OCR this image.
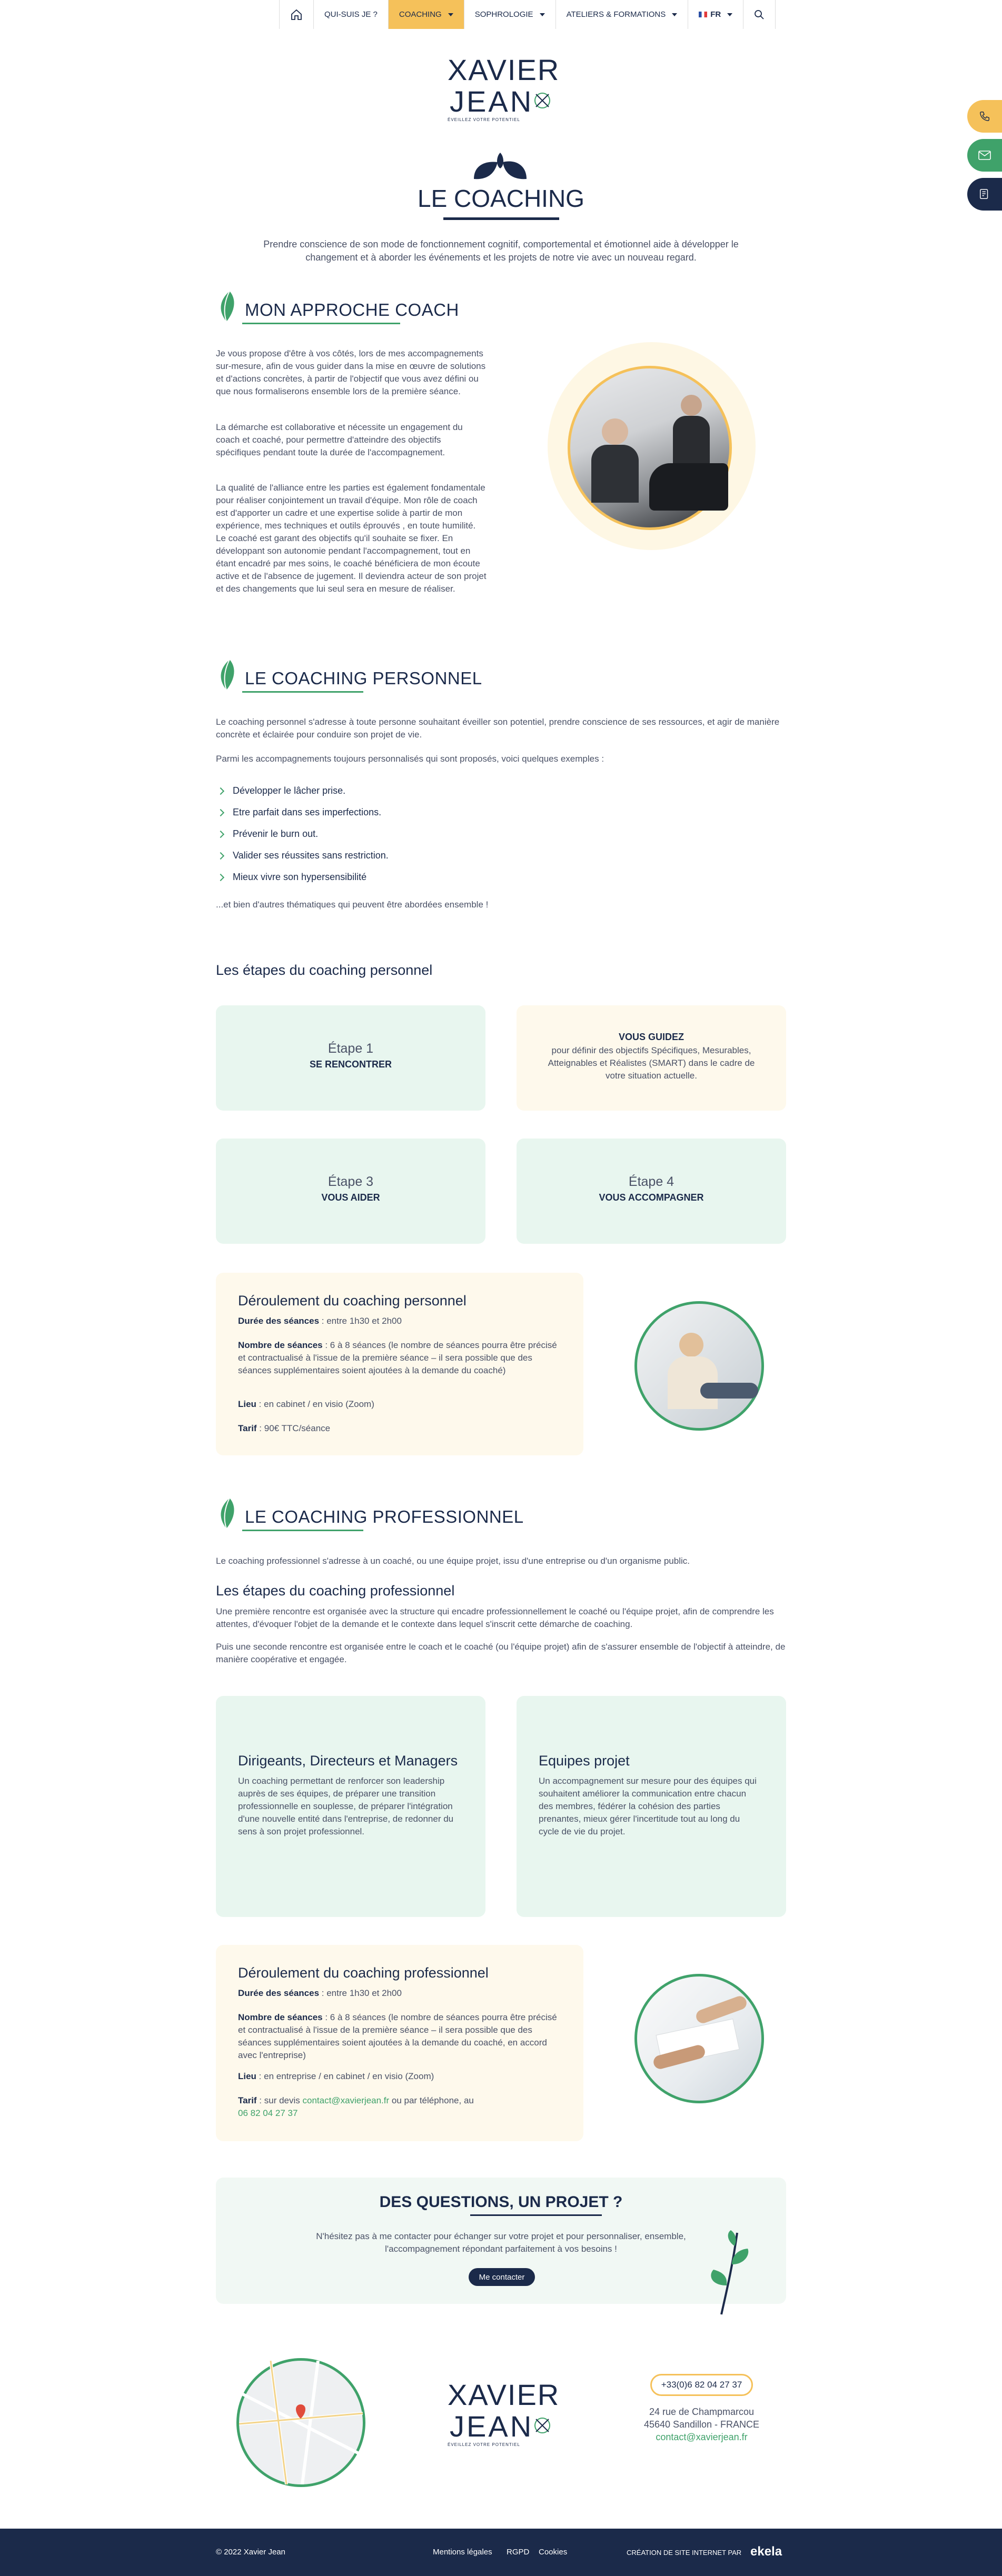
QUI-SUIS JE ?	COACHING	SOPHROLOGIE	ATELIERS & FORMATIONS	FR
XAVIER
JEAN
ÉVEILLEZ VOTRE POTENTIEL
LE COACHING
Prendre conscience de son mode de fonctionnement cognitif, comportemental et émotionnel aide à développer le changement et à aborder les événements et les projets de notre vie avec un nouveau regard.
MON APPROCHE COACH
Je vous propose d'être à vos côtés, lors de mes accompagnements sur-mesure, afin de vous guider dans la mise en œuvre de solutions et d'actions concrètes, à partir de l'objectif que vous avez défini ou que nous formaliserons ensemble lors de la première séance.
La démarche est collaborative et nécessite un engagement du coach et coaché, pour permettre d'atteindre des objectifs spécifiques pendant toute la durée de l'accompagnement.
La qualité de l'alliance entre les parties est également fondamentale pour réaliser conjointement un travail d'équipe. Mon rôle de coach est d'apporter un cadre et une expertise solide à partir de mon expérience, mes techniques et outils éprouvés , en toute humilité. Le coaché est garant des objectifs qu'il souhaite se fixer. En développant son autonomie pendant l'accompagnement, tout en étant encadré par mes soins, le coaché bénéficiera de mon écoute active et de l'absence de jugement. Il deviendra acteur de son projet et des changements que lui seul sera en mesure de réaliser.
LE COACHING PERSONNEL
Le coaching personnel s'adresse à toute personne souhaitant éveiller son potentiel, prendre conscience de ses ressources, et agir de manière concrète et éclairée pour conduire son projet de vie.
Parmi les accompagnements toujours personnalisés qui sont proposés, voici quelques exemples :
Développer le lâcher prise.
Etre parfait dans ses imperfections.
Prévenir le burn out.
Valider ses réussites sans restriction.
Mieux vivre son hypersensibilité
...et bien d'autres thématiques qui peuvent être abordées ensemble !
Les étapes du coaching personnel
Étape 1
SE RENCONTRER
VOUS GUIDEZ
pour définir des objectifs Spécifiques, Mesurables, Atteignables et Réalistes (SMART) dans le cadre de votre situation actuelle.
Étape 3
VOUS AIDER
Étape 4
VOUS ACCOMPAGNER
Déroulement du coaching personnel
Durée des séances : entre 1h30 et 2h00
Nombre de séances : 6 à 8 séances (le nombre de séances pourra être précisé et contractualisé à l'issue de la première séance – il sera possible que des séances supplémentaires soient ajoutées à la demande du coaché)
Lieu : en cabinet / en visio (Zoom)
Tarif : 90€ TTC/séance
LE COACHING PROFESSIONNEL
Le coaching professionnel s'adresse à un coaché, ou une équipe projet, issu d'une entreprise ou d'un organisme public.
Les étapes du coaching professionnel
Une première rencontre est organisée avec la structure qui encadre professionnellement le coaché ou l'équipe projet, afin de comprendre les attentes, d'évoquer l'objet de la demande et le contexte dans lequel s'inscrit cette démarche de coaching.
Puis une seconde rencontre est organisée entre le coach et le coaché (ou l'équipe projet) afin de s'assurer ensemble de l'objectif à atteindre, de manière coopérative et engagée.
Dirigeants, Directeurs et Managers
Un coaching permettant de renforcer son leadership auprès de ses équipes, de préparer une transition professionnelle en souplesse, de préparer l'intégration d'une nouvelle entité dans l'entreprise, de redonner du sens à son projet professionnel.
Equipes projet
Un accompagnement sur mesure pour des équipes qui souhaitent améliorer la communication entre chacun des membres, fédérer la cohésion des parties prenantes, mieux gérer l'incertitude tout au long du cycle de vie du projet.
Déroulement du coaching professionnel
Durée des séances : entre 1h30 et 2h00
Nombre de séances : 6 à 8 séances (le nombre de séances pourra être précisé et contractualisé à l'issue de la première séance – il sera possible que des séances supplémentaires soient ajoutées à la demande du coaché, en accord avec l'entreprise)
Lieu : en entreprise / en cabinet / en visio (Zoom)
Tarif : sur devis contact@xavierjean.fr ou par téléphone, au
06 82 04 27 37
DES QUESTIONS, UN PROJET ?
N'hésitez pas à me contacter pour échanger sur votre projet et pour personnaliser, ensemble, l'accompagnement répondant parfaitement à vos besoins !
Me contacter
XAVIER
JEAN
ÉVEILLEZ VOTRE POTENTIEL
+33(0)6 82 04 27 37
24 rue de Champmarcou
45640 Sandillon - FRANCE
contact@xavierjean.fr
© 2022 Xavier Jean	Mentions légales RGPD Cookies	CRÉATION DE SITE INTERNET PAR ekela
